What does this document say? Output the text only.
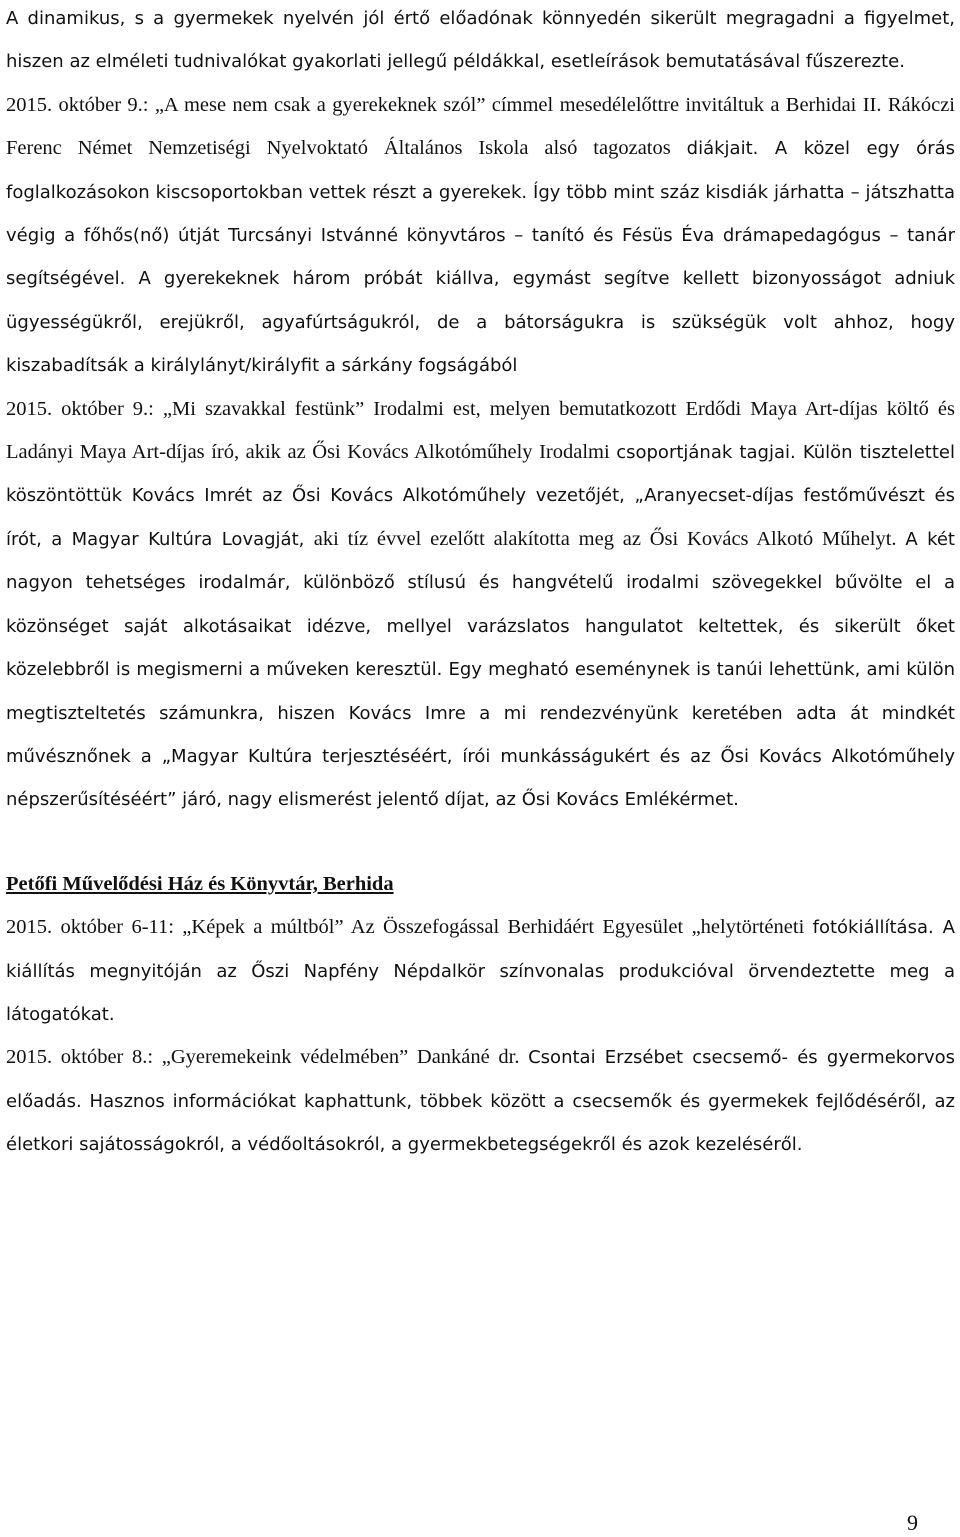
A dinamikus, s a gyermekek nyelvén jól értő előadónak könnyedén sikerült megragadni a figyelmet, hiszen az elméleti tudnivalókat gyakorlati jellegű példákkal, esetleírások bemutatásával fűszerezte.

2015. október 9.: „A mese nem csak a gyerekeknek szól” címmel mesedélelőttre invitáltuk a Berhidai II. Rákóczi Ferenc Német Nemzetiségi Nyelvoktató Általános Iskola alsó tagozatos diákjait. A közel egy órás foglalkozásokon kiscsoportokban vettek részt a gyerekek. Így több mint száz kisdiák járhatta – játszhatta végig a főhős(nő) útját Turcsányi Istvánné könyvtáros – tanító és Fésüs Éva drámapedagógus – tanár segítségével. A gyerekeknek három próbát kiállva, egymást segítve kellett bizonyosságot adniuk ügyességükről, erejükről, agyafúrtságukról, de a bátorságukra is szükségük volt ahhoz, hogy kiszabadítsák a királylányt/királyfit a sárkány fogságából

2015. október 9.: „Mi szavakkal festünk” Irodalmi est, melyen bemutatkozott Erdődi Maya Art-díjas költő és Ladányi Maya Art-díjas író, akik az Ősi Kovács Alkotóműhely Irodalmi csoportjának tagjai. Külön tisztelettel köszöntöttük Kovács Imrét az Ősi Kovács Alkotóműhely vezetőjét, „Aranyecset-díjas festőművészt és írót, a Magyar Kultúra Lovagját, aki tíz évvel ezelőtt alakította meg az Ősi Kovács Alkotó Műhelyt. A két nagyon tehetséges irodalmár, különböző stílusú és hangvételű irodalmi szövegekkel bűvölte el a közönséget saját alkotásaikat idézve, mellyel varázslatos hangulatot keltettek, és sikerült őket közelebbről is megismerni a műveken keresztül. Egy megható eseménynek is tanúi lehettünk, ami külön megtiszteltetés számunkra, hiszen Kovács Imre a mi rendezvényünk keretében adta át mindkét művésznőnek a „Magyar Kultúra terjesztéséért, írói munkásságukért és az Ősi Kovács Alkotóműhely népszerűsítéséért” járó, nagy elismerést jelentő díjat, az Ősi Kovács Emlékérmet.

Petőfi Művelődési Ház és Könyvtár, Berhida

2015. október 6-11: „Képek a múltból” Az Összefogással Berhidáért Egyesület „helytörténeti fotókiállítása. A kiállítás megnyitóján az Őszi Napfény Népdalkör színvonalas produkcióval örvendeztette meg a látogatókat.

2015. október 8.: „Gyeremekeink védelmében” Dankáné dr. Csontai Erzsébet csecsemő- és gyermekorvos előadás. Hasznos információkat kaphattunk, többek között a csecsemők és gyermekek fejlődéséről, az életkori sajátosságokról, a védőoltásokról, a gyermekbetegségekről és azok kezeléséről.

9
